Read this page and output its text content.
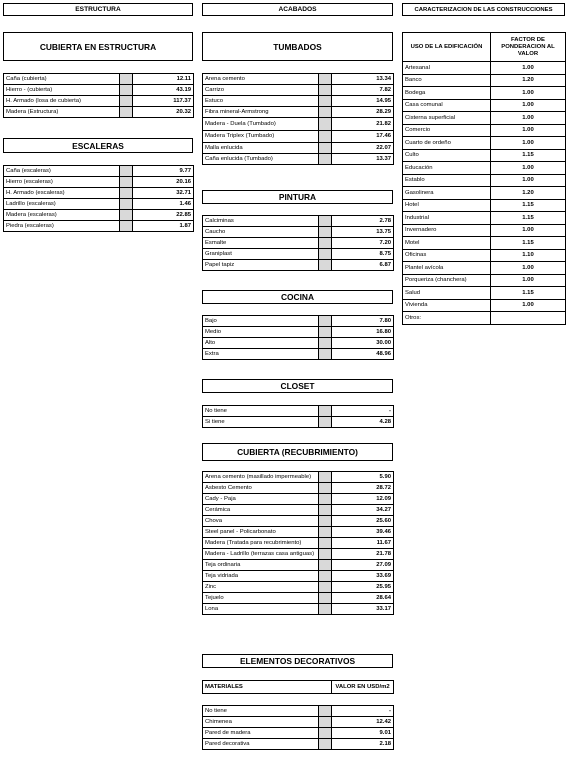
ESTRUCTURA	ACABADOS	CARACTERIZACION DE LAS CONSTRUCCIONES
CUBIERTA EN ESTRUCTURA
Caña (cubierta)		12.11
Hierro - (cubierta)		43.19
H. Armado (losa de cubierta)		117.37
Madera (Estructura)		20.32
ESCALERAS
Caña (escaleras)		9.77
Hierro (escaleras)		20.16
H. Armado (escaleras)		32.71
Ladrillo (escaleras)		1.46
Madera (escaleras)		22.85
Piedra (escaleras)		1.87
TUMBADOS
Arena cemento		13.34
Carrizo		7.82
Estuco		14.95
Fibra mineral-Armstrong		28.29
Madera - Duela (Tumbado)		21.82
Madera Triplex (Tumbado)		17.46
Malla enlucida		22.07
Caña enlucida (Tumbado)		13.37
PINTURA
Calciminas		2.78
Caucho		13.75
Esmalte		7.20
Graniplast		8.75
Papel tapiz		6.87
COCINA
Bajo		7.80
Medio		16.80
Alto		30.00
Extra		48.96
CLOSET
No tiene		-
Si tiene		4.28
CUBIERTA (RECUBRIMIENTO)
Arena cemento (masillado impermeable)		5.90
Asbesto Cemento		28.72
Cady - Paja		12.09
Cerámica		34.27
Chova		25.60
Steel panel - Policarbonato		39.46
Madera (Tratada para recubrimiento)		11.67
Madera - Ladrillo (terrazas casa antiguas)		21.78
Teja ordinaria		27.09
Teja vidriada		33.69
Zinc		25.95
Tejuelo		28.64
Lona		33.17
ELEMENTOS DECORATIVOS
MATERIALES	VALOR EN USD/m2
No tiene		-
Chimenea		12.42
Pared de madera		9.01
Pared decorativa		2.18
USO DE LA EDIFICACIÓN	FACTOR DE PONDERACION AL VALOR
Artesanal	1.00
Banco	1.20
Bodega	1.00
Casa comunal	1.00
Cisterna superficial	1.00
Comercio	1.00
Cuarto de ordeño	1.00
Culto	1.15
Educación	1.00
Establo	1.00
Gasolinera	1.20
Hotel	1.15
Industrial	1.15
Invernadero	1.00
Motel	1.15
Oficinas	1.10
Plantel avícola	1.00
Porqueriza (chanchera)	1.00
Salud	1.15
Vivienda	1.00
Otros:	
